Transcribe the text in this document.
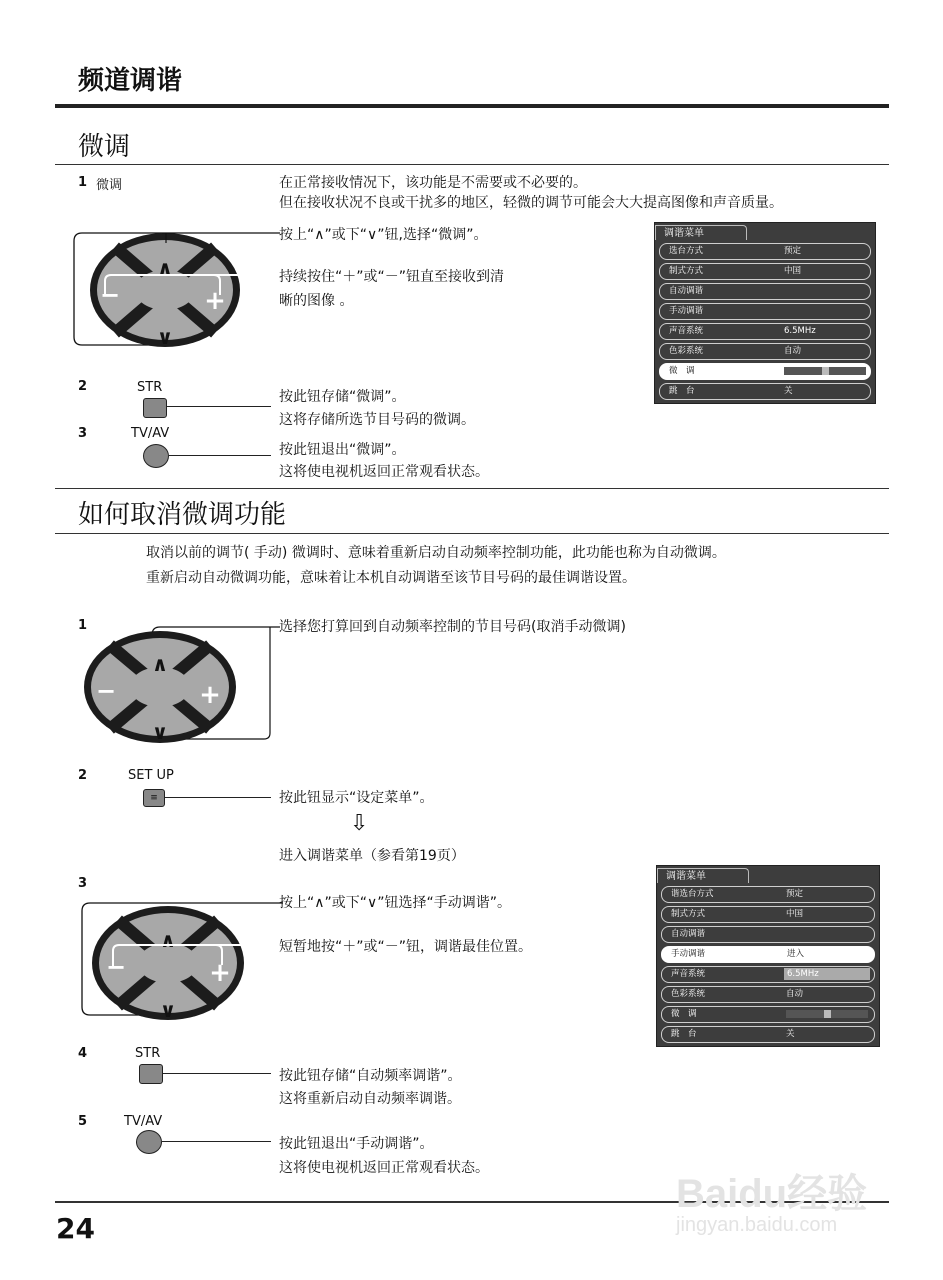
频道调谐
微调
1 微调	在正常接收情况下，该功能是不需要或不必要的。
但在接收状况不良或干扰多的地区，轻微的调节可能会大大提高图像和声音质量。
∧
∨
−	+
按上“∧”或下“∨”钮,选择“微调”。
持续按住“＋”或“－”钮直至接收到清
晰的图像 。
调谐菜单
选台方式	预定
制式方式	中国
自动调谐
手动调谐
声音系统	6.5MHz
色彩系统	自动
微　调
跳　台	关
2	STR
按此钮存储“微调”。
这将存储所选节目号码的微调。
3	TV/AV
按此钮退出“微调”。
这将使电视机返回正常观看状态。
如何取消微调功能
取消以前的调节( 手动) 微调时、意味着重新启动自动频率控制功能，此功能也称为自动微调。
重新启动自动微调功能，意味着让本机自动调谐至该节目号码的最佳调谐设置。
1
∧
∨
−	+
选择您打算回到自动频率控制的节目号码(取消手动微调)
2	SET UP
≡	按此钮显示“设定菜单”。
⇩
进入调谐菜单（参看第19页）
3
∧
∨
−	+
按上“∧”或下“∨”钮选择“手动调谐”。
短暂地按“＋”或“－”钮，调谐最佳位置。
调谐菜单
谐选台方式	预定
制式方式	中国
自动调谐
手动调谐	进入
声音系统	6.5MHz
色彩系统	自动
微　调
跳　台	关
4	STR
按此钮存储“自动频率调谐”。
这将重新启动自动频率调谐。
5	TV/AV
按此钮退出“手动调谐”。
这将使电视机返回正常观看状态。
24
Baidu经验
jingyan.baidu.com
